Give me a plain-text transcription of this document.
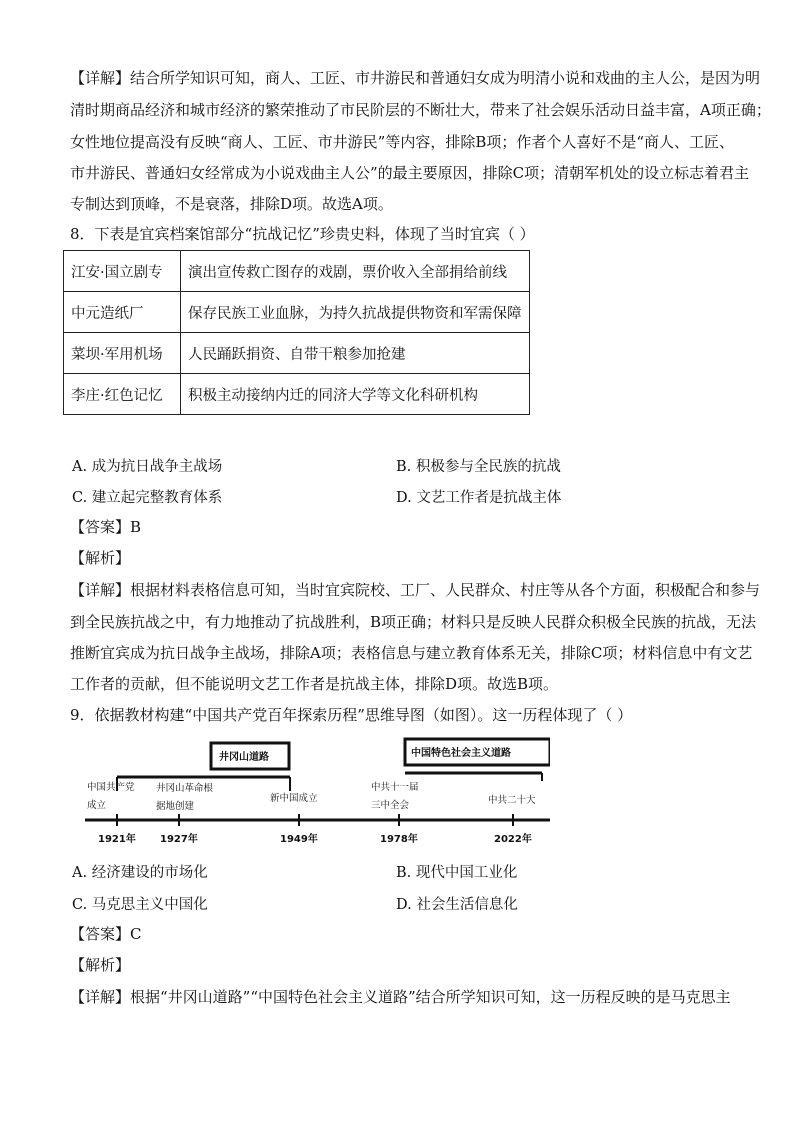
【详解】结合所学知识可知，商人、工匠、市井游民和普通妇女成为明清小说和戏曲的主人公，是因为明
清时期商品经济和城市经济的繁荣推动了市民阶层的不断壮大，带来了社会娱乐活动日益丰富，A项正确；
女性地位提高没有反映“商人、工匠、市井游民”等内容，排除B项；作者个人喜好不是“商人、工匠、
市井游民、普通妇女经常成为小说戏曲主人公”的最主要原因，排除C项；清朝军机处的设立标志着君主
专制达到顶峰，不是衰落，排除D项。故选A项。
8．下表是宜宾档案馆部分“抗战记忆”珍贵史料，体现了当时宜宾（ ）
江安·国立剧专	演出宣传救亡图存的戏剧，票价收入全部捐给前线
中元造纸厂	保存民族工业血脉，为持久抗战提供物资和军需保障
菜坝·军用机场	人民踊跃捐资、自带干粮参加抢建
李庄·红色记忆	积极主动接纳内迁的同济大学等文化科研机构
A. 成为抗日战争主战场	B. 积极参与全民族的抗战
C. 建立起完整教育体系	D. 文艺工作者是抗战主体
【答案】B
【解析】
【详解】根据材料表格信息可知，当时宜宾院校、工厂、人民群众、村庄等从各个方面，积极配合和参与
到全民族抗战之中，有力地推动了抗战胜利，B项正确；材料只是反映人民群众积极全民族的抗战，无法
推断宜宾成为抗日战争主战场，排除A项；表格信息与建立教育体系无关，排除C项；材料信息中有文艺
工作者的贡献，但不能说明文艺工作者是抗战主体，排除D项。故选B项。
9．依据教材构建“中国共产党百年探索历程”思维导图（如图）。这一历程体现了（ ）
井冈山道路	中国特色社会主义道路
中国共产党
成立
1921年
井冈山革命根
据地创建
1927年
新中国成立
1949年
中共十一届
三中全会
1978年
中共二十大
2022年
A. 经济建设的市场化	B. 现代中国工业化
C. 马克思主义中国化	D. 社会生活信息化
【答案】C
【解析】
【详解】根据“井冈山道路”“中国特色社会主义道路”结合所学知识可知，这一历程反映的是马克思主
